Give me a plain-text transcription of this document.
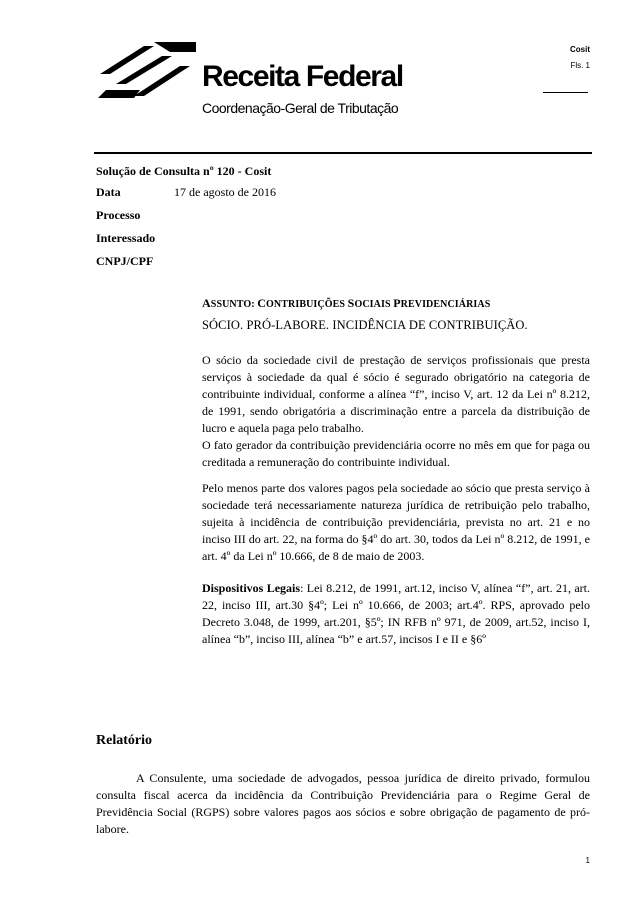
Receita Federal
Coordenação-Geral de Tributação
Cosit
Fls. 1
Solução de Consulta nº 120 - Cosit
Data	17 de agosto de 2016
Processo
Interessado
CNPJ/CPF
ASSUNTO: CONTRIBUIÇÕES SOCIAIS PREVIDENCIÁRIAS
SÓCIO. PRÓ-LABORE. INCIDÊNCIA DE CONTRIBUIÇÃO.

O sócio da sociedade civil de prestação de serviços profissionais que presta serviços à sociedade da qual é sócio é segurado obrigatório na categoria de contribuinte individual, conforme a alínea “f”, inciso V, art. 12 da Lei nº 8.212, de 1991, sendo obrigatória a discriminação entre a parcela da distribuição de lucro e aquela paga pelo trabalho.

O fato gerador da contribuição previdenciária ocorre no mês em que for paga ou creditada a remuneração do contribuinte individual.

Pelo menos parte dos valores pagos pela sociedade ao sócio que presta serviço à sociedade terá necessariamente natureza jurídica de retribuição pelo trabalho, sujeita à incidência de contribuição previdenciária, prevista no art. 21 e no inciso III do art. 22, na forma do §4º do art. 30, todos da Lei nº 8.212, de 1991, e art. 4º da Lei nº 10.666, de 8 de maio de 2003.

Dispositivos Legais: Lei 8.212, de 1991, art.12, inciso V, alínea “f”, art. 21, art. 22, inciso III, art.30 §4º; Lei nº 10.666, de 2003; art.4º. RPS, aprovado pelo Decreto 3.048, de 1999, art.201, §5º; IN RFB nº 971, de 2009, art.52, inciso I, alínea “b”, inciso III, alínea “b” e art.57, incisos I e II e §6º

Relatório

A Consulente, uma sociedade de advogados, pessoa jurídica de direito privado, formulou consulta fiscal acerca da incidência da Contribuição Previdenciária para o Regime Geral de Previdência Social (RGPS) sobre valores pagos aos sócios e sobre obrigação de pagamento de pró-labore.

1
